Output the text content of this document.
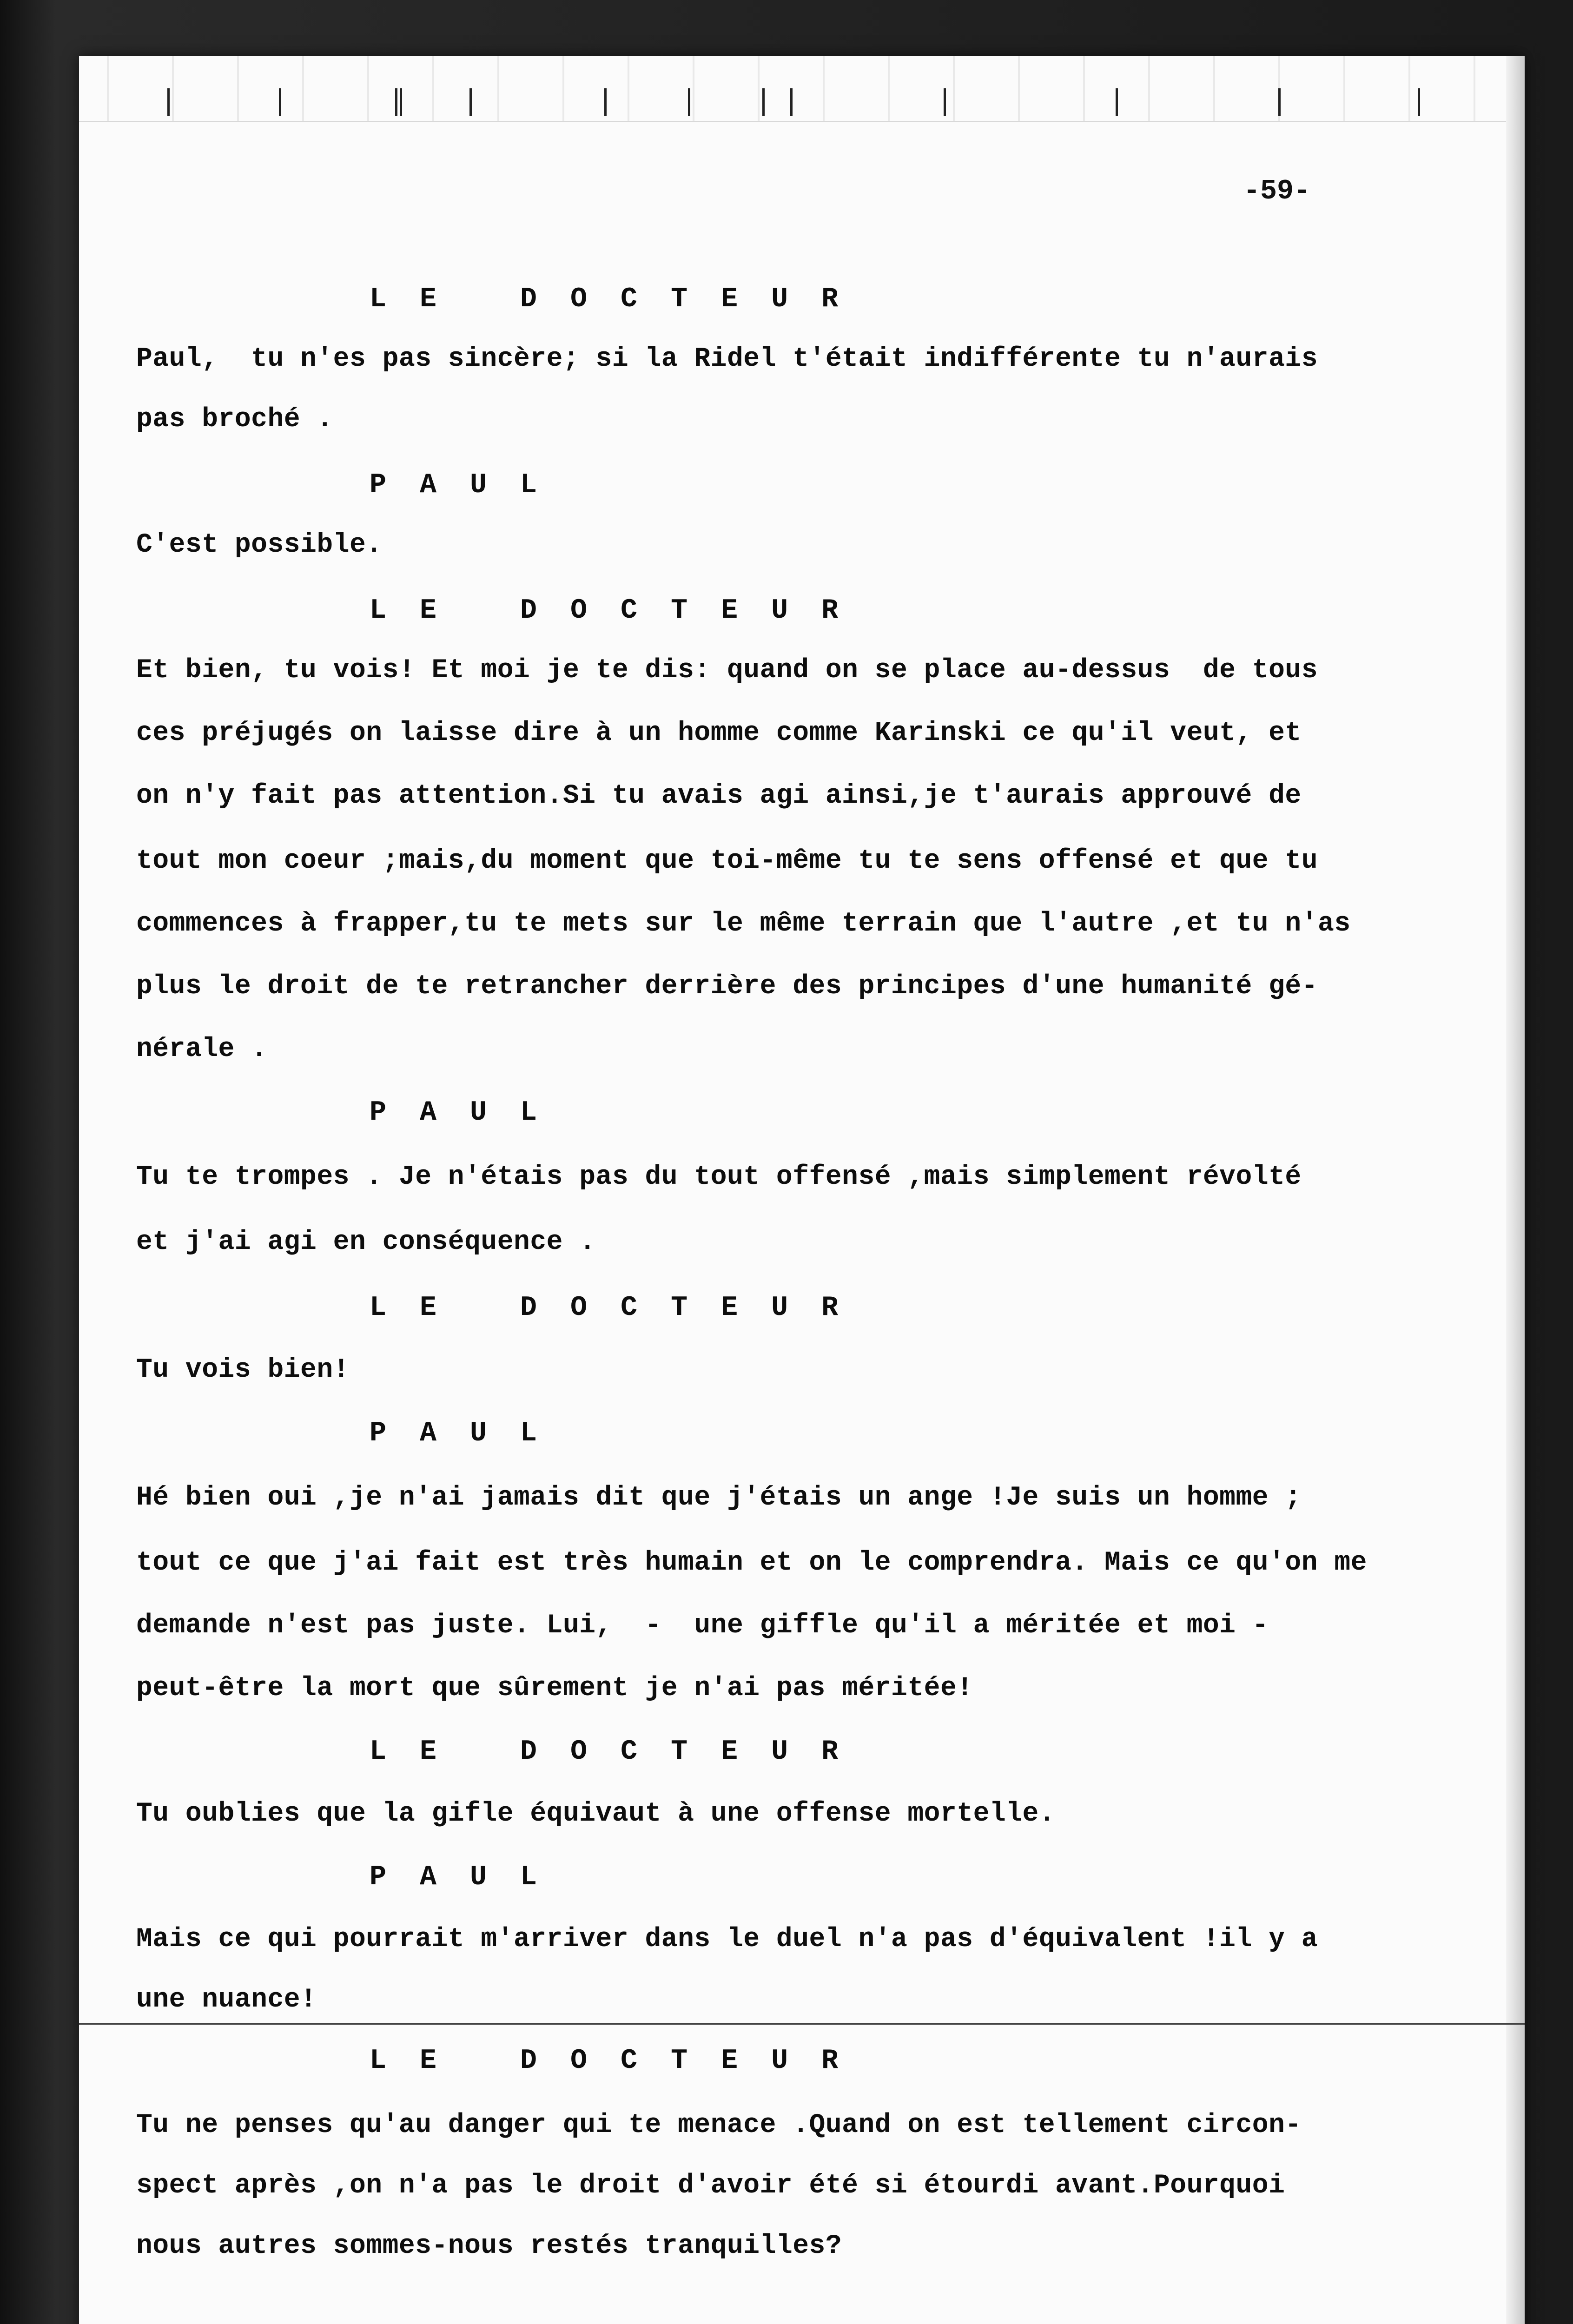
-59-
L E   D O C T E U R
Paul,  tu n'es pas sincère; si la Ridel t'était indifférente tu n'aurais
pas broché .
P A U L
C'est possible.
L E   D O C T E U R
Et bien, tu vois! Et moi je te dis: quand on se place au-dessus  de tous
ces préjugés on laisse dire à un homme comme Karinski ce qu'il veut, et
on n'y fait pas attention.Si tu avais agi ainsi,je t'aurais approuvé de
tout mon coeur ;mais,du moment que toi-même tu te sens offensé et que tu
commences à frapper,tu te mets sur le même terrain que l'autre ,et tu n'as
plus le droit de te retrancher derrière des principes d'une humanité gé-
nérale .
P A U L
Tu te trompes . Je n'étais pas du tout offensé ,mais simplement révolté
et j'ai agi en conséquence .
L E   D O C T E U R
Tu vois bien!
P A U L
Hé bien oui ,je n'ai jamais dit que j'étais un ange !Je suis un homme ;
tout ce que j'ai fait est très humain et on le comprendra. Mais ce qu'on me
demande n'est pas juste. Lui,  -  une giffle qu'il a méritée et moi -
peut-être la mort que sûrement je n'ai pas méritée!
L E   D O C T E U R
Tu oublies que la gifle équivaut à une offense mortelle.
P A U L
Mais ce qui pourrait m'arriver dans le duel n'a pas d'équivalent !il y a
une nuance!
L E   D O C T E U R
Tu ne penses qu'au danger qui te menace .Quand on est tellement circon-
spect après ,on n'a pas le droit d'avoir été si étourdi avant.Pourquoi
nous autres sommes-nous restés tranquilles?
